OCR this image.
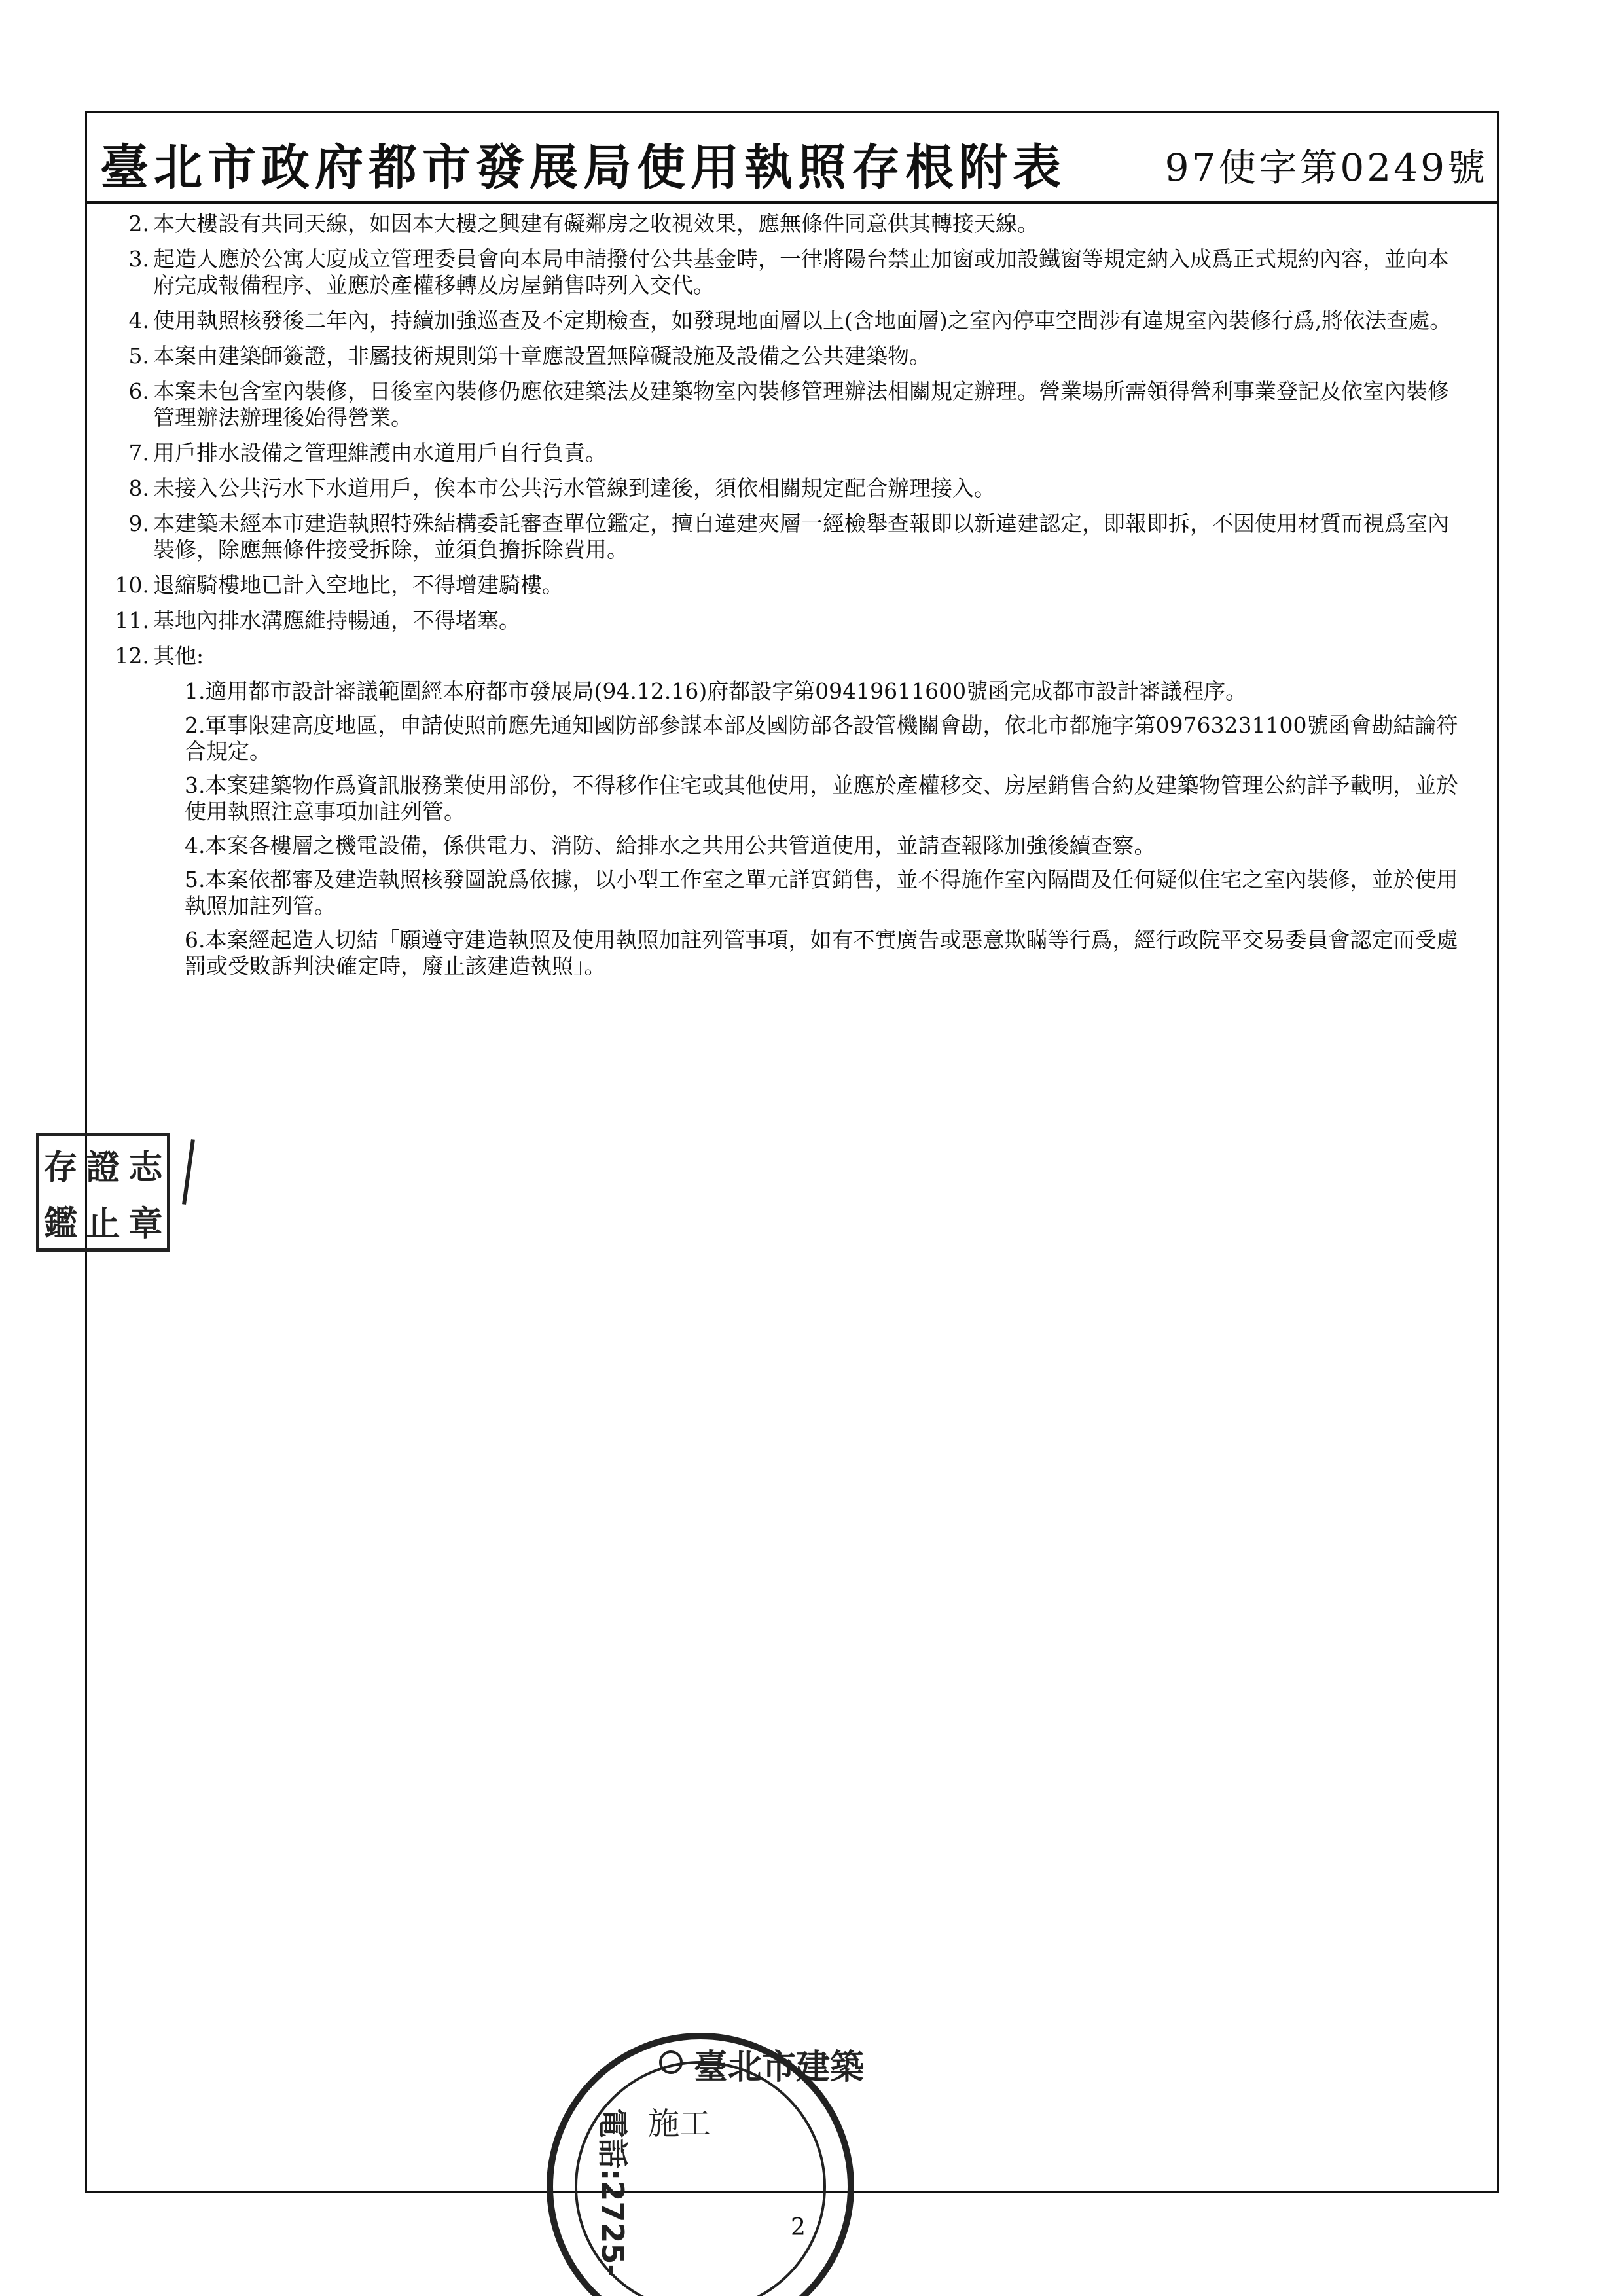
臺北市政府都市發展局使用執照存根附表	97使字第0249號
2. 本大樓設有共同天線，如因本大樓之興建有礙鄰房之收視效果，應無條件同意供其轉接天線。
3. 起造人應於公寓大廈成立管理委員會向本局申請撥付公共基金時，一律將陽台禁止加窗或加設鐵窗等規定納入成爲正式規約內容，並向本府完成報備程序、並應於產權移轉及房屋銷售時列入交代。
4. 使用執照核發後二年內，持續加強巡查及不定期檢查，如發現地面層以上(含地面層)之室內停車空間涉有違規室內裝修行爲,將依法查處。
5. 本案由建築師簽證，非屬技術規則第十章應設置無障礙設施及設備之公共建築物。
6. 本案未包含室內裝修，日後室內裝修仍應依建築法及建築物室內裝修管理辦法相關規定辦理。營業場所需領得營利事業登記及依室內裝修管理辦法辦理後始得營業。
7. 用戶排水設備之管理維護由水道用戶自行負責。
8. 未接入公共污水下水道用戶，俟本市公共污水管線到達後，須依相關規定配合辦理接入。
9. 本建築未經本市建造執照特殊結構委託審查單位鑑定，擅自違建夾層一經檢舉查報即以新違建認定，即報即拆，不因使用材質而視爲室內裝修，除應無條件接受拆除，並須負擔拆除費用。
10. 退縮騎樓地已計入空地比，不得增建騎樓。
11. 基地內排水溝應維持暢通，不得堵塞。
12. 其他:
1.適用都市設計審議範圍經本府都市發展局(94.12.16)府都設字第09419611600號函完成都市設計審議程序。
2.軍事限建高度地區，申請使照前應先通知國防部參謀本部及國防部各設管機關會勘，依北市都施字第09763231100號函會勘結論符合規定。
3.本案建築物作爲資訊服務業使用部份，不得移作住宅或其他使用，並應於產權移交、房屋銷售合約及建築物管理公約詳予載明，並於使用執照注意事項加註列管。
4.本案各樓層之機電設備，係供電力、消防、給排水之共用公共管道使用，並請查報隊加強後續查察。
5.本案依都審及建造執照核發圖說爲依據，以小型工作室之單元詳實銷售，並不得施作室內隔間及任何疑似住宅之室內裝修，並於使用執照加註列管。
6.本案經起造人切結「願遵守建造執照及使用執照加註列管事項，如有不實廣告或惡意欺瞞等行爲，經行政院平交易委員會認定而受處罰或受敗訴判決確定時，廢止該建造執照」。
存 證 志
鑑 止 章
臺北市建築
施工
電話:2725-	2
